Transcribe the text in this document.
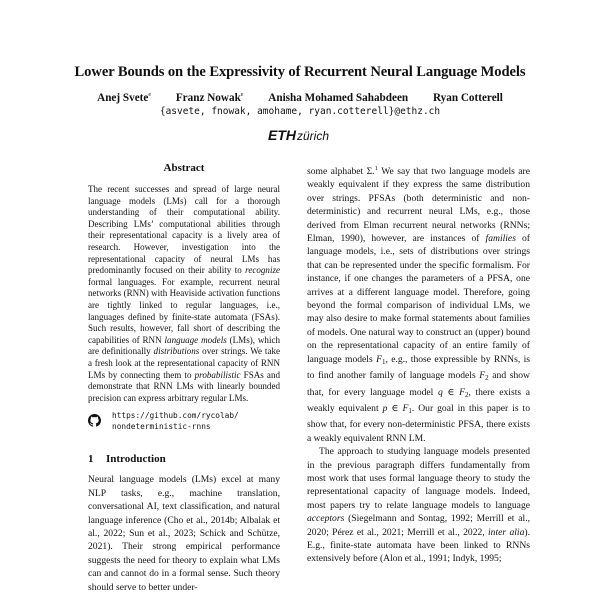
Lower Bounds on the Expressivity of Recurrent Neural Language Models
Anej Svete$^e$ Franz Nowak$^e$ Anisha Mohamed Sahabdeen Ryan Cotterell
{asvete, fnowak, amohame, ryan.cotterell}@ethz.ch
ETH zürich
Abstract

The recent successes and spread of large neural language models (LMs) call for a thorough understanding of their computational ability. Describing LMs’ computational abilities through their representational capacity is a lively area of research. However, investigation into the representational capacity of neural LMs has predominantly focused on their ability to recognize formal languages. For example, recurrent neural networks (RNN) with Heaviside activation functions are tightly linked to regular languages, i.e., languages defined by finite-state automata (FSAs). Such results, however, fall short of describing the capabilities of RNN language models (LMs), which are definitionally distributions over strings. We take a fresh look at the representational capacity of RNN LMs by connecting them to probabilistic FSAs and demonstrate that RNN LMs with linearly bounded precision can express arbitrary regular LMs.

https://github.com/rycolab/
nondeterministic-rnns

1 Introduction

Neural language models (LMs) excel at many NLP tasks, e.g., machine translation, conversational AI, text classification, and natural language inference (Cho et al., 2014b; Albalak et al., 2022; Sun et al., 2023; Schick and Schütze, 2021). Their strong empirical performance suggests the need for theory to explain what LMs can and cannot do in a formal sense. Such theory should serve to better under-

some alphabet Σ.$^1$ We say that two language models are weakly equivalent if they express the same distribution over strings. PFSAs (both deterministic and non-deterministic) and recurrent neural LMs, e.g., those derived from Elman recurrent neural networks (RNNs; Elman, 1990), however, are instances of families of language models, i.e., sets of distributions over strings that can be represented under the specific formalism. For instance, if one changes the parameters of a PFSA, one arrives at a different language model. Therefore, going beyond the formal comparison of individual LMs, we may also desire to make formal statements about families of models. One natural way to construct an (upper) bound on the representational capacity of an entire family of language models $F_1$, e.g., those expressible by RNNs, is to find another family of language models $F_2$ and show that, for every language model q ∈ $F_2$, there exists a weakly equivalent p ∈ $F_1$. Our goal in this paper is to show that, for every non-deterministic PFSA, there exists a weakly equivalent RNN LM.

The approach to studying language models presented in the previous paragraph differs fundamentally from most work that uses formal language theory to study the representational capacity of language models. Indeed, most papers try to relate language models to language acceptors (Siegelmann and Sontag, 1992; Merrill et al., 2020; Pérez et al., 2021; Merrill et al., 2022, inter alia). E.g., finite-state automata have been linked to RNNs extensively before (Alon et al., 1991; Indyk, 1995;
